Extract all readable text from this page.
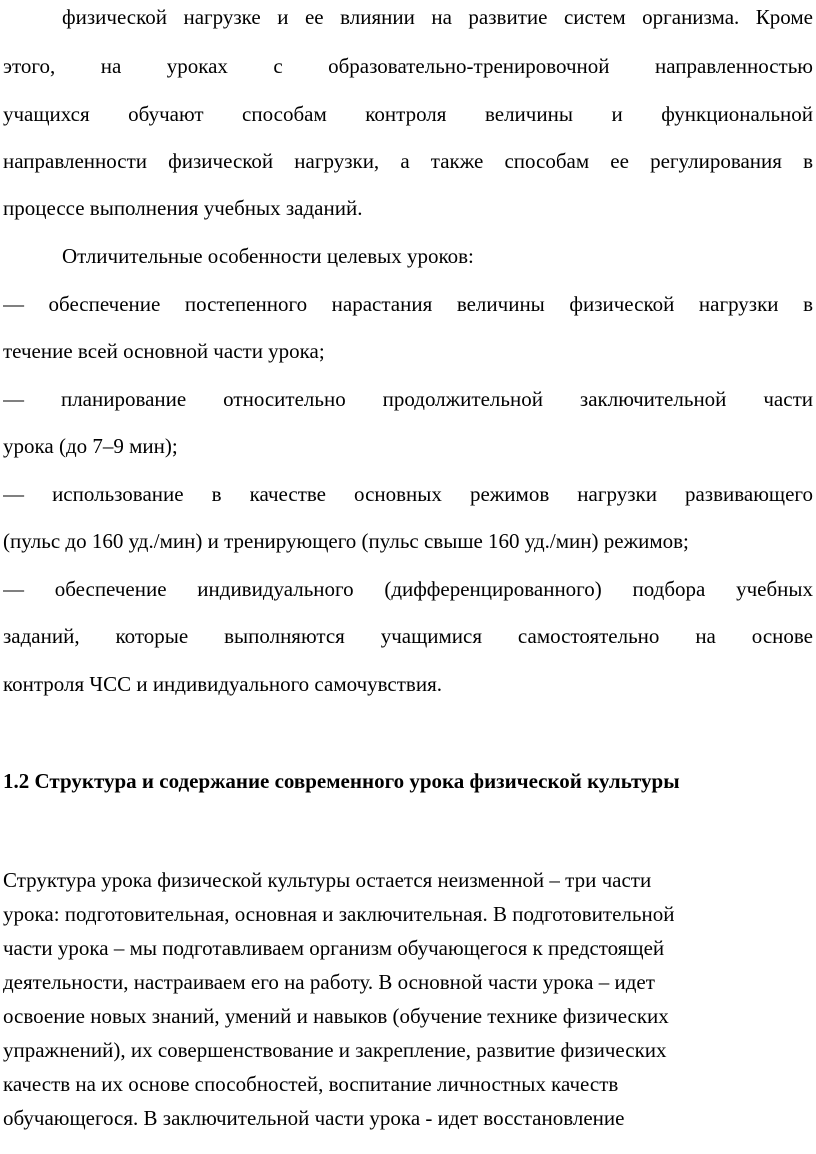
физической нагрузке и ее влиянии на развитие систем организма. Кроме
этого, на уроках с образовательно-тренировочной направленностью
учащихся обучают способам контроля величины и функциональной
направленности физической нагрузки, а также способам ее регулирования в
процессе выполнения учебных заданий.
Отличительные особенности целевых уроков:
— обеспечение постепенного нарастания величины физической нагрузки в
течение всей основной части урока;
— планирование относительно продолжительной заключительной части
урока (до 7–9 мин);
— использование в качестве основных режимов нагрузки развивающего
(пульс до 160 уд./мин) и тренирующего (пульс свыше 160 уд./мин) режимов;
— обеспечение индивидуального (дифференцированного) подбора учебных
заданий, которые выполняются учащимися самостоятельно на основе
контроля ЧСС и индивидуального самочувствия.
1.2 Структура и содержание современного урока физической культуры
Структура урока физической культуры остается неизменной – три части
урока: подготовительная, основная и заключительная. В подготовительной
части урока – мы подготавливаем организм обучающегося к предстоящей
деятельности, настраиваем его на работу. В основной части урока – идет
освоение новых знаний, умений и навыков (обучение технике физических
упражнений), их совершенствование и закрепление, развитие физических
качеств на их основе способностей, воспитание личностных качеств
обучающегося. В заключительной части урока - идет восстановление
